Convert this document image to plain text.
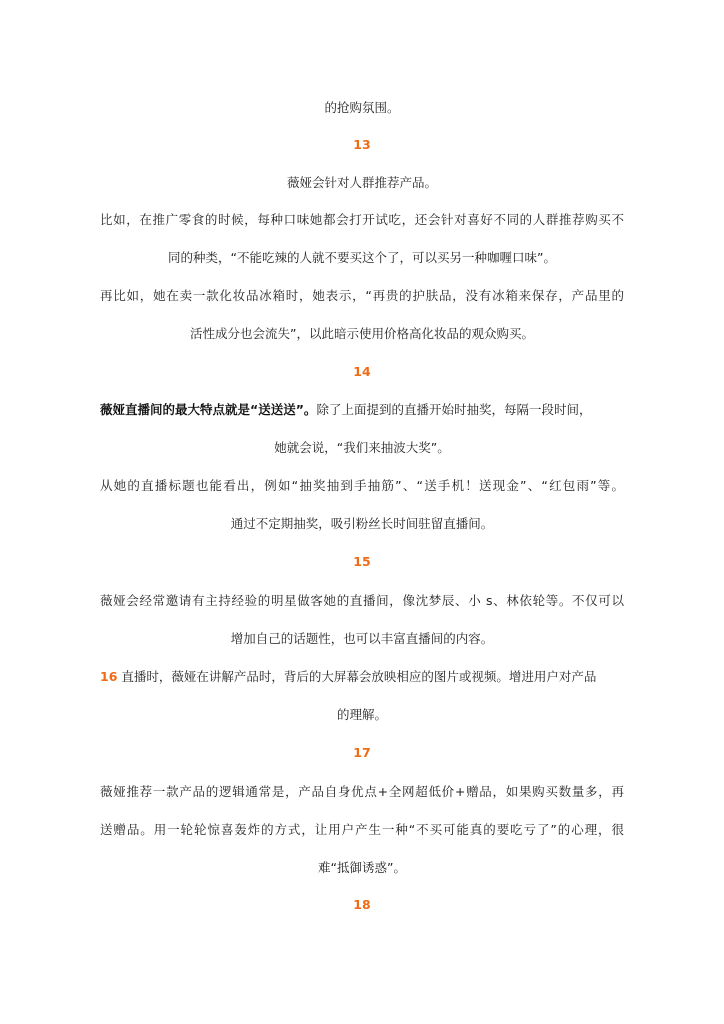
的抢购氛围。
13
薇娅会针对人群推荐产品。
比如，在推广零食的时候，每种口味她都会打开试吃，还会针对喜好不同的人群推荐购买不
同的种类，“不能吃辣的人就不要买这个了，可以买另一种咖喱口味”。
再比如，她在卖一款化妆品冰箱时，她表示，“再贵的护肤品，没有冰箱来保存，产品里的
活性成分也会流失”，以此暗示使用价格高化妆品的观众购买。
14
薇娅直播间的最大特点就是“送送送”。除了上面提到的直播开始时抽奖，每隔一段时间，
她就会说，“我们来抽波大奖”。
从她的直播标题也能看出，例如“抽奖抽到手抽筋”、“送手机！送现金”、“红包雨”等。
通过不定期抽奖，吸引粉丝长时间驻留直播间。
15
薇娅会经常邀请有主持经验的明星做客她的直播间，像沈梦辰、小 s、林依轮等。不仅可以
增加自己的话题性，也可以丰富直播间的内容。
16 直播时，薇娅在讲解产品时，背后的大屏幕会放映相应的图片或视频。增进用户对产品
的理解。
17
薇娅推荐一款产品的逻辑通常是，产品自身优点+全网超低价+赠品，如果购买数量多，再
送赠品。用一轮轮惊喜轰炸的方式，让用户产生一种“不买可能真的要吃亏了”的心理，很
难“抵御诱惑”。
18
